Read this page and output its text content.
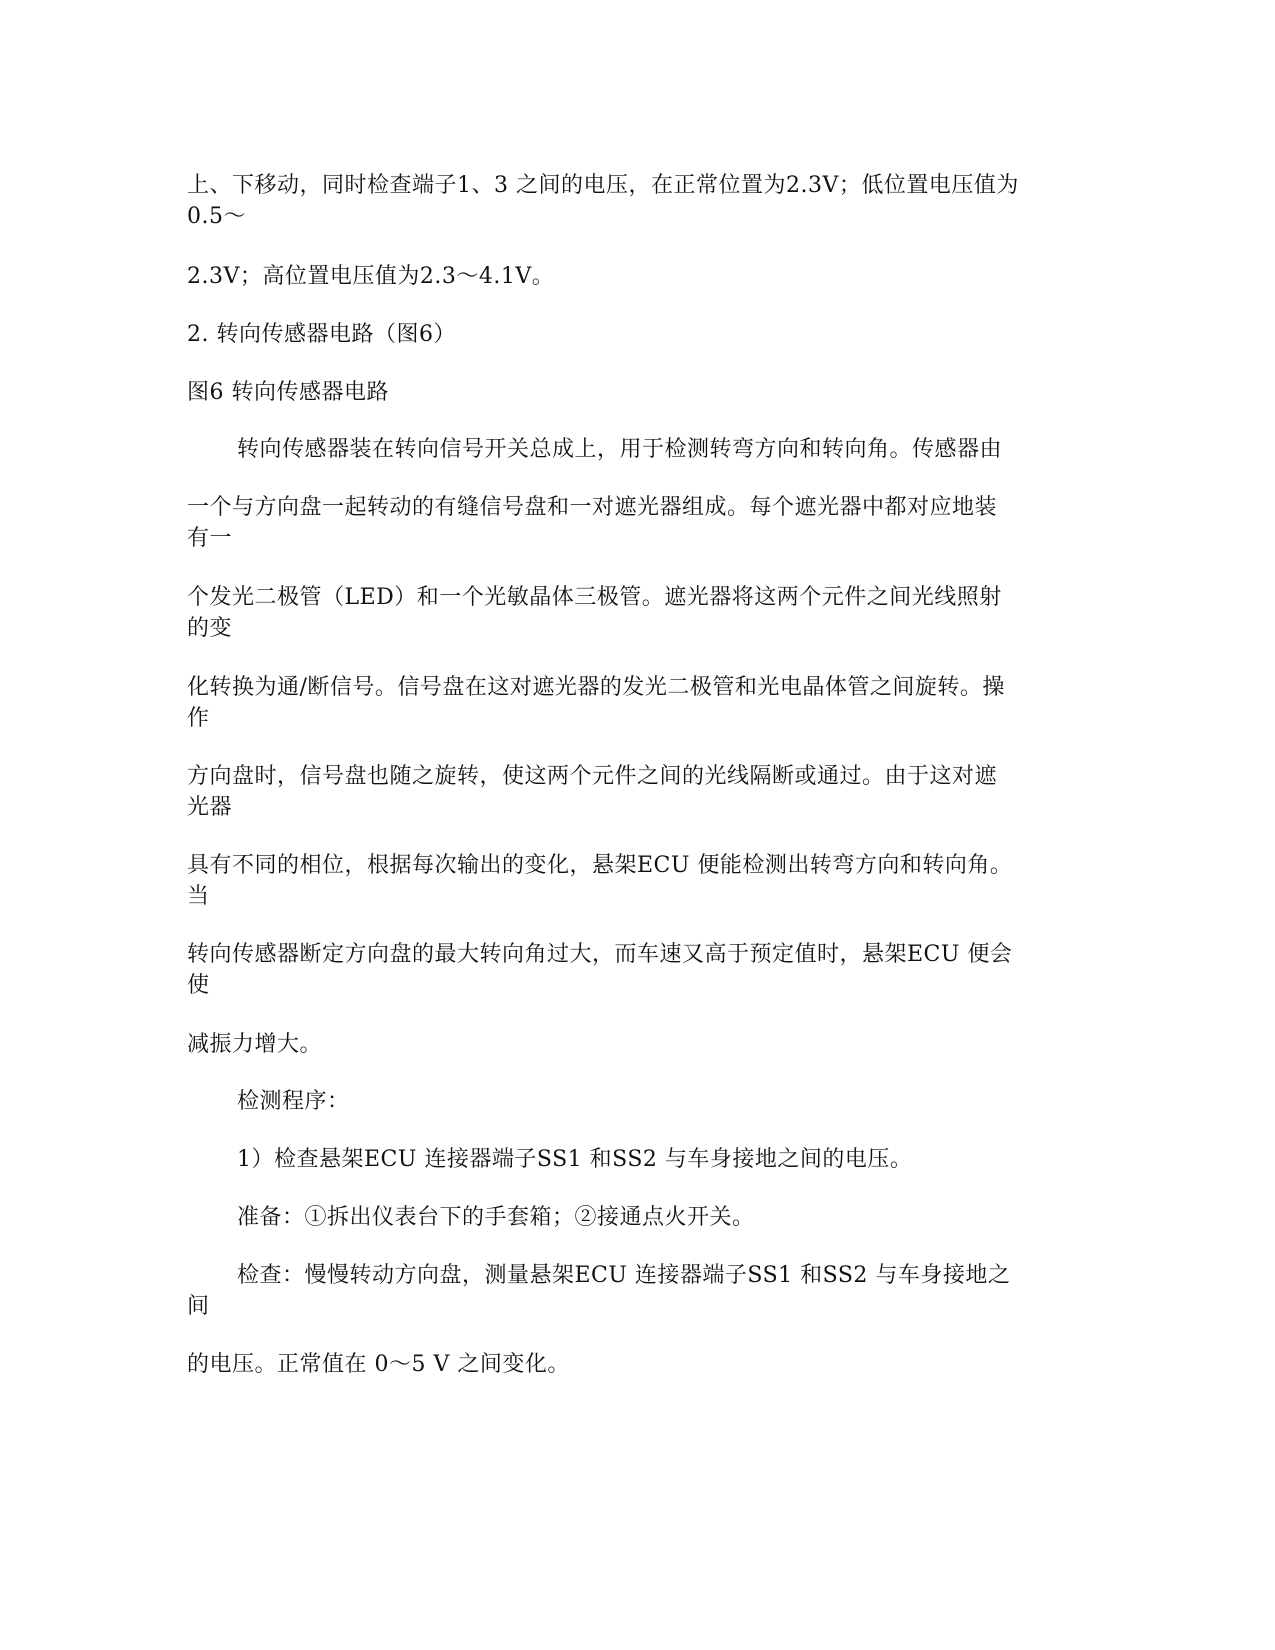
上、下移动，同时检查端子1、3 之间的电压，在正常位置为2.3V；低位置电压值为
0.5～
2.3V；高位置电压值为2.3～4.1V。
2. 转向传感器电路（图6）
图6 转向传感器电路
转向传感器装在转向信号开关总成上，用于检测转弯方向和转向角。传感器由
一个与方向盘一起转动的有缝信号盘和一对遮光器组成。每个遮光器中都对应地装
有一
个发光二极管（LED）和一个光敏晶体三极管。遮光器将这两个元件之间光线照射
的变
化转换为通/断信号。信号盘在这对遮光器的发光二极管和光电晶体管之间旋转。操
作
方向盘时，信号盘也随之旋转，使这两个元件之间的光线隔断或通过。由于这对遮
光器
具有不同的相位，根据每次输出的变化，悬架ECU 便能检测出转弯方向和转向角。
当
转向传感器断定方向盘的最大转向角过大，而车速又高于预定值时，悬架ECU 便会
使
减振力增大。
检测程序：
1）检查悬架ECU 连接器端子SS1 和SS2 与车身接地之间的电压。
准备：①拆出仪表台下的手套箱；②接通点火开关。
检查：慢慢转动方向盘，测量悬架ECU 连接器端子SS1 和SS2 与车身接地之
间
的电压。正常值在 0～5 V 之间变化。
